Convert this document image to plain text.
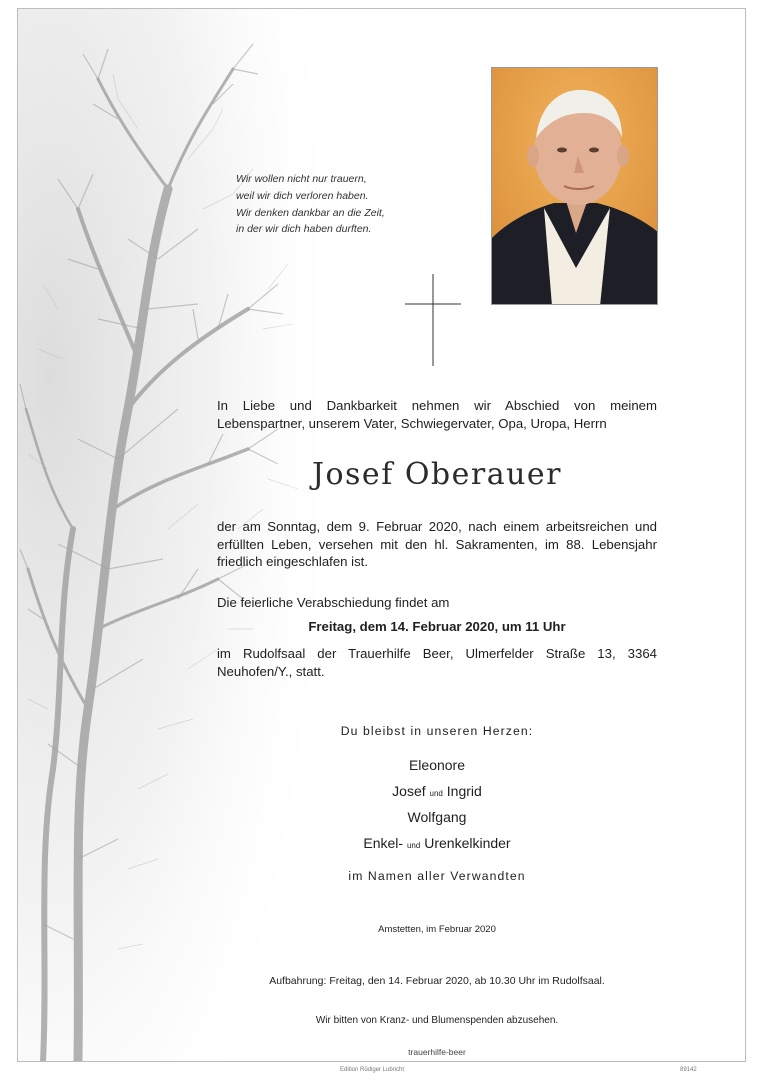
Wir wollen nicht nur trauern,
weil wir dich verloren haben.
Wir denken dankbar an die Zeit,
in der wir dich haben durften.
In Liebe und Dankbarkeit nehmen wir Abschied von meinem Lebenspartner, unserem Vater, Schwiegervater, Opa, Uropa, Herrn
Josef Oberauer
der am Sonntag, dem 9. Februar 2020, nach einem arbeitsreichen und erfüllten Leben, versehen mit den hl. Sakramenten, im 88. Lebensjahr friedlich eingeschlafen ist.
Die feierliche Verabschiedung findet am
Freitag, dem 14. Februar 2020, um 11 Uhr
im Rudolfsaal der Trauerhilfe Beer, Ulmerfelder Straße 13, 3364 Neuhofen/Y., statt.
Du bleibst in unseren Herzen:
Eleonore
Josef und Ingrid
Wolfgang
Enkel- und Urenkelkinder
im Namen aller Verwandten
Amstetten, im Februar 2020
Aufbahrung: Freitag, den 14. Februar 2020, ab 10.30 Uhr im Rudolfsaal.
Wir bitten von Kranz- und Blumenspenden abzusehen.
trauerhilfe-beer
Edition Rüdiger Lubricht	89142
